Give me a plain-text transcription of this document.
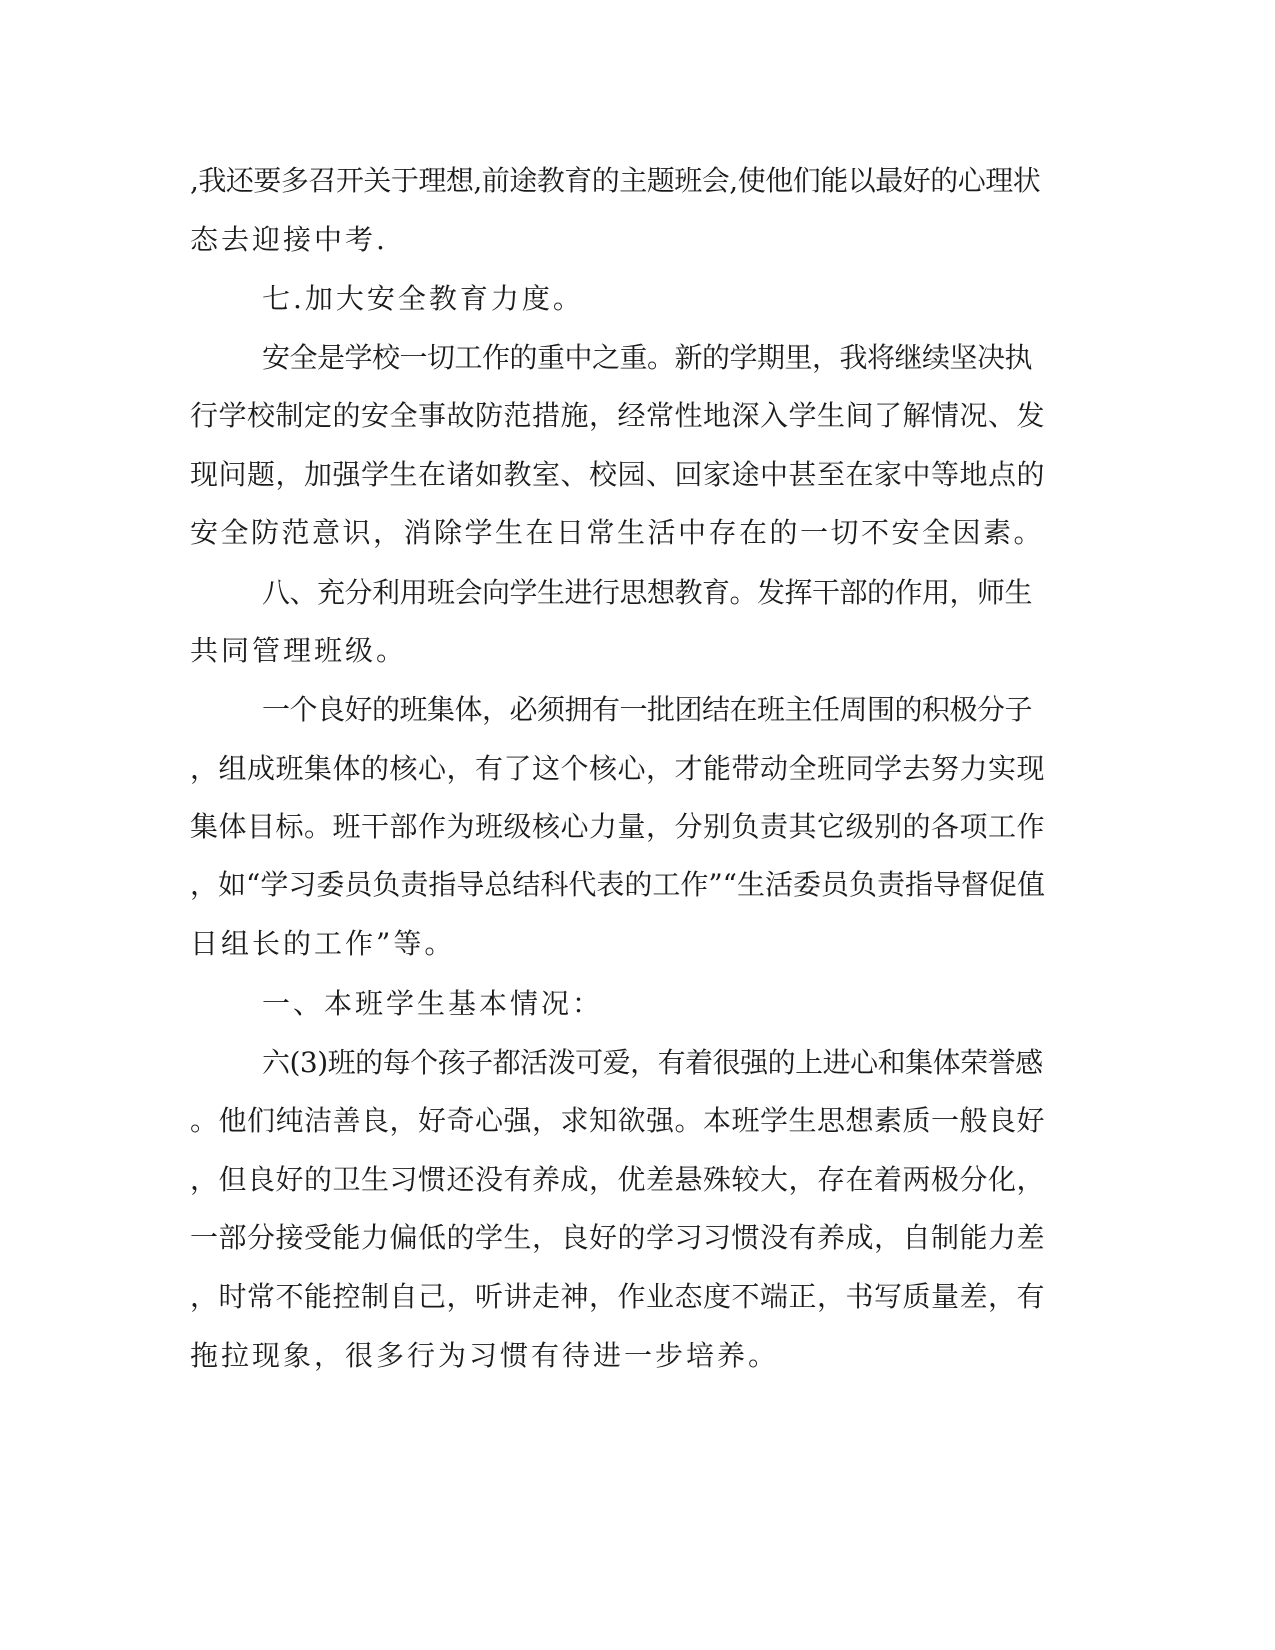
,我还要多召开关于理想,前途教育的主题班会,使他们能以最好的心理状
态去迎接中考.
七.加大安全教育力度。
安全是学校一切工作的重中之重。新的学期里，我将继续坚决执
行学校制定的安全事故防范措施，经常性地深入学生间了解情况、发
现问题，加强学生在诸如教室、校园、回家途中甚至在家中等地点的
安全防范意识，消除学生在日常生活中存在的一切不安全因素。
八、充分利用班会向学生进行思想教育。发挥干部的作用，师生
共同管理班级。
一个良好的班集体，必须拥有一批团结在班主任周围的积极分子
，组成班集体的核心，有了这个核心，才能带动全班同学去努力实现
集体目标。班干部作为班级核心力量，分别负责其它级别的各项工作
，如“学习委员负责指导总结科代表的工作”“生活委员负责指导督促值
日组长的工作”等。
一、本班学生基本情况：
六(3)班的每个孩子都活泼可爱，有着很强的上进心和集体荣誉感
。他们纯洁善良，好奇心强，求知欲强。本班学生思想素质一般良好
，但良好的卫生习惯还没有养成，优差悬殊较大，存在着两极分化，
一部分接受能力偏低的学生，良好的学习习惯没有养成，自制能力差
，时常不能控制自己，听讲走神，作业态度不端正，书写质量差，有
拖拉现象，很多行为习惯有待进一步培养。
